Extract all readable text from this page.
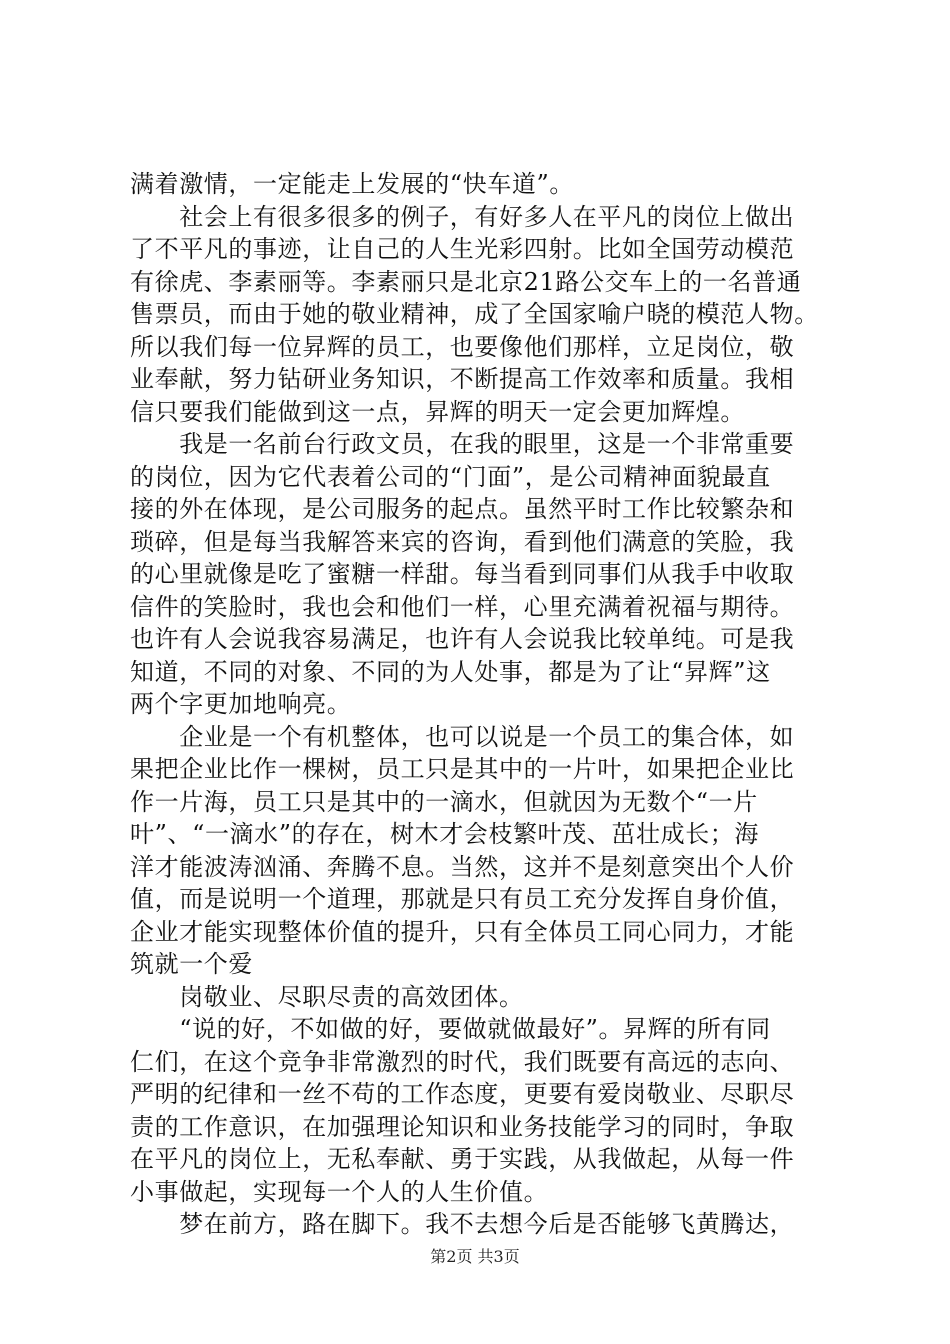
满着激情，一定能走上发展的“快车道”。
　　社会上有很多很多的例子，有好多人在平凡的岗位上做出
了不平凡的事迹，让自己的人生光彩四射。比如全国劳动模范
有徐虎、李素丽等。李素丽只是北京21路公交车上的一名普通
售票员，而由于她的敬业精神，成了全国家喻户晓的模范人物。
所以我们每一位昇辉的员工，也要像他们那样，立足岗位，敬
业奉献，努力钻研业务知识，不断提高工作效率和质量。我相
信只要我们能做到这一点，昇辉的明天一定会更加辉煌。
　　我是一名前台行政文员，在我的眼里，这是一个非常重要
的岗位，因为它代表着公司的“门面”，是公司精神面貌最直
接的外在体现，是公司服务的起点。虽然平时工作比较繁杂和
琐碎，但是每当我解答来宾的咨询，看到他们满意的笑脸，我
的心里就像是吃了蜜糖一样甜。每当看到同事们从我手中收取
信件的笑脸时，我也会和他们一样，心里充满着祝福与期待。
也许有人会说我容易满足，也许有人会说我比较单纯。可是我
知道，不同的对象、不同的为人处事，都是为了让“昇辉”这
两个字更加地响亮。
　　企业是一个有机整体，也可以说是一个员工的集合体，如
果把企业比作一棵树，员工只是其中的一片叶，如果把企业比
作一片海，员工只是其中的一滴水，但就因为无数个“一片
叶”、“一滴水”的存在，树木才会枝繁叶茂、茁壮成长；海
洋才能波涛汹涌、奔腾不息。当然，这并不是刻意突出个人价
值，而是说明一个道理，那就是只有员工充分发挥自身价值，
企业才能实现整体价值的提升，只有全体员工同心同力，才能
筑就一个爱
　　岗敬业、尽职尽责的高效团体。
　　“说的好，不如做的好，要做就做最好”。昇辉的所有同
仁们，在这个竞争非常激烈的时代，我们既要有高远的志向、
严明的纪律和一丝不苟的工作态度，更要有爱岗敬业、尽职尽
责的工作意识，在加强理论知识和业务技能学习的同时，争取
在平凡的岗位上，无私奉献、勇于实践，从我做起，从每一件
小事做起，实现每一个人的人生价值。
　　梦在前方，路在脚下。我不去想今后是否能够飞黄腾达，
第2页 共3页
